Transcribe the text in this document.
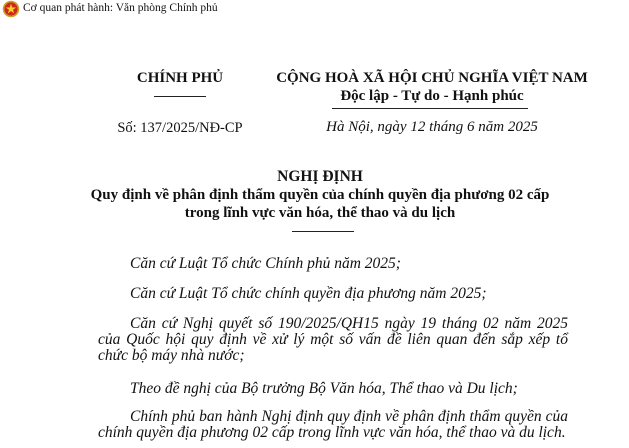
Cơ quan phát hành: Văn phòng Chính phủ
CHÍNH PHỦ
Số: 137/2025/NĐ-CP
CỘNG HOÀ XÃ HỘI CHỦ NGHĨA VIỆT NAM
Độc lập - Tự do - Hạnh phúc
Hà Nội, ngày 12 tháng 6 năm 2025
NGHỊ ĐỊNH
Quy định về phân định thẩm quyền của chính quyền địa phương 02 cấp
trong lĩnh vực văn hóa, thể thao và du lịch
Căn cứ Luật Tổ chức Chính phủ năm 2025;
Căn cứ Luật Tổ chức chính quyền địa phương năm 2025;
Căn cứ Nghị quyết số 190/2025/QH15 ngày 19 tháng 02 năm 2025 của Quốc hội quy định về xử lý một số vấn đề liên quan đến sắp xếp tổ chức bộ máy nhà nước;
Theo đề nghị của Bộ trưởng Bộ Văn hóa, Thể thao và Du lịch;
Chính phủ ban hành Nghị định quy định về phân định thẩm quyền của chính quyền địa phương 02 cấp trong lĩnh vực văn hóa, thể thao và du lịch.
